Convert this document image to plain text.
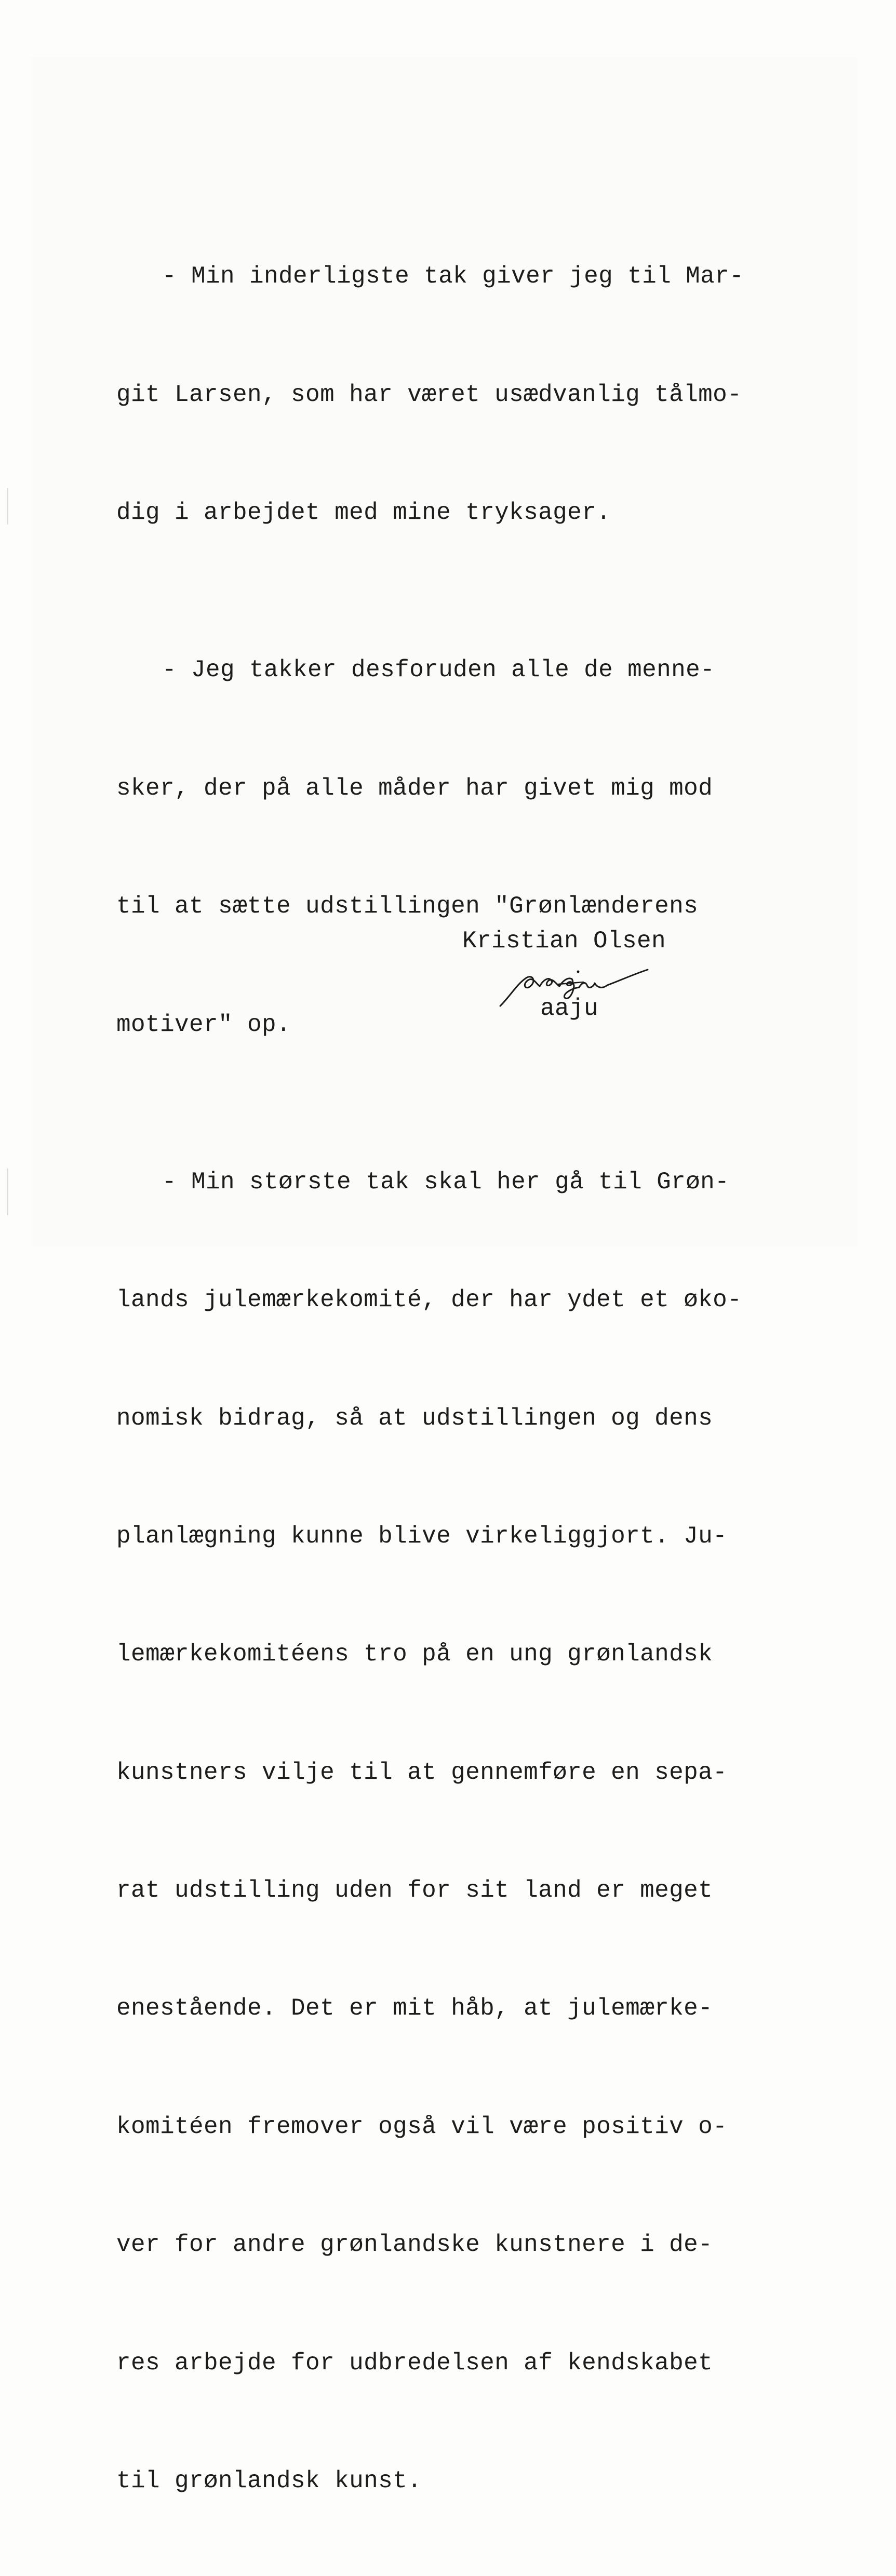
- Min inderligste tak giver jeg til Mar-

git Larsen, som har været usædvanlig tålmo-

dig i arbejdet med mine tryksager.

- Jeg takker desforuden alle de menne-

sker, der på alle måder har givet mig mod

til at sætte udstillingen "Grønlænderens

motiver" op.

- Min største tak skal her gå til Grøn-

lands julemærkekomité, der har ydet et øko-

nomisk bidrag, så at udstillingen og dens

planlægning kunne blive virkeliggjort. Ju-

lemærkekomitéens tro på en ung grønlandsk

kunstners vilje til at gennemføre en sepa-

rat udstilling uden for sit land er meget

enestående. Det er mit håb, at julemærke-

komitéen fremover også vil være positiv o-

ver for andre grønlandske kunstnere i de-

res arbejde for udbredelsen af kendskabet

til grønlandsk kunst.

Kristian Olsen
aaju
